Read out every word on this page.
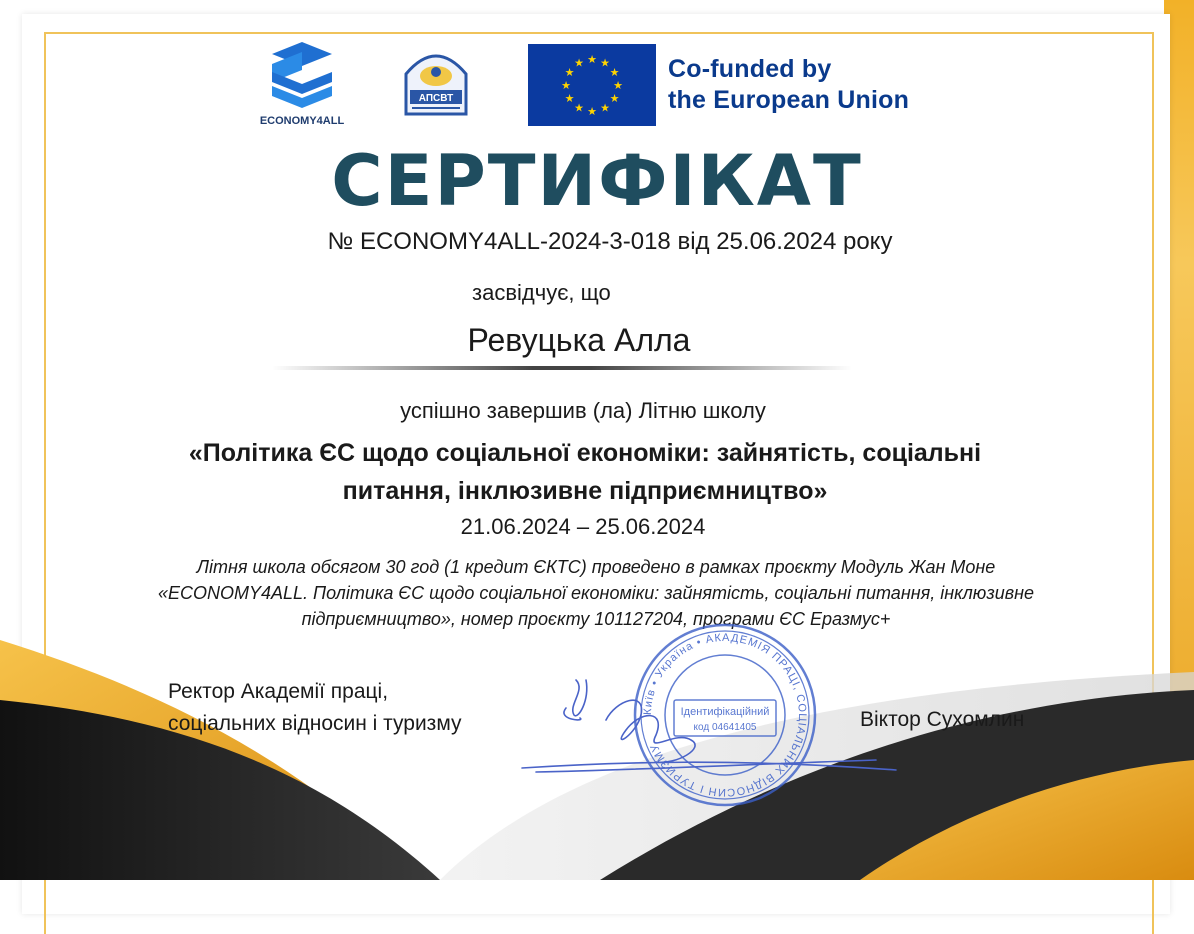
ECONOMY4ALL
АПСВТ
★ ★
★
★
★
★
★
★
★
★
★
★	Co-funded by
the European Union
СЕРТИФІКАТ
№ ECONOMY4ALL-2024-3-018 від 25.06.2024 року
засвідчує, що
Ревуцька Алла
успішно завершив (ла) Літню школу
«Політика ЄС щодо соціальної економіки: зайнятість, соціальні
питання, інклюзивне підприємництво»
21.06.2024 – 25.06.2024
Літня школа обсягом 30 год (1 кредит ЄКТС) проведено в рамках проєкту Модуль Жан Моне
«ECONOMY4ALL. Політика ЄС щодо соціальної економіки: зайнятість, соціальні питання, інклюзивне
підприємництво», номер проєкту 101127204, програми ЄС Еразмус+
Ректор Академії праці,
соціальних відносин і туризму	Віктор Сухомлин
Київ • Україна • АКАДЕМІЯ ПРАЦІ, СОЦІАЛЬНИХ ВІДНОСИН І ТУРИЗМУ
Ідентифікаційний
код 04641405
